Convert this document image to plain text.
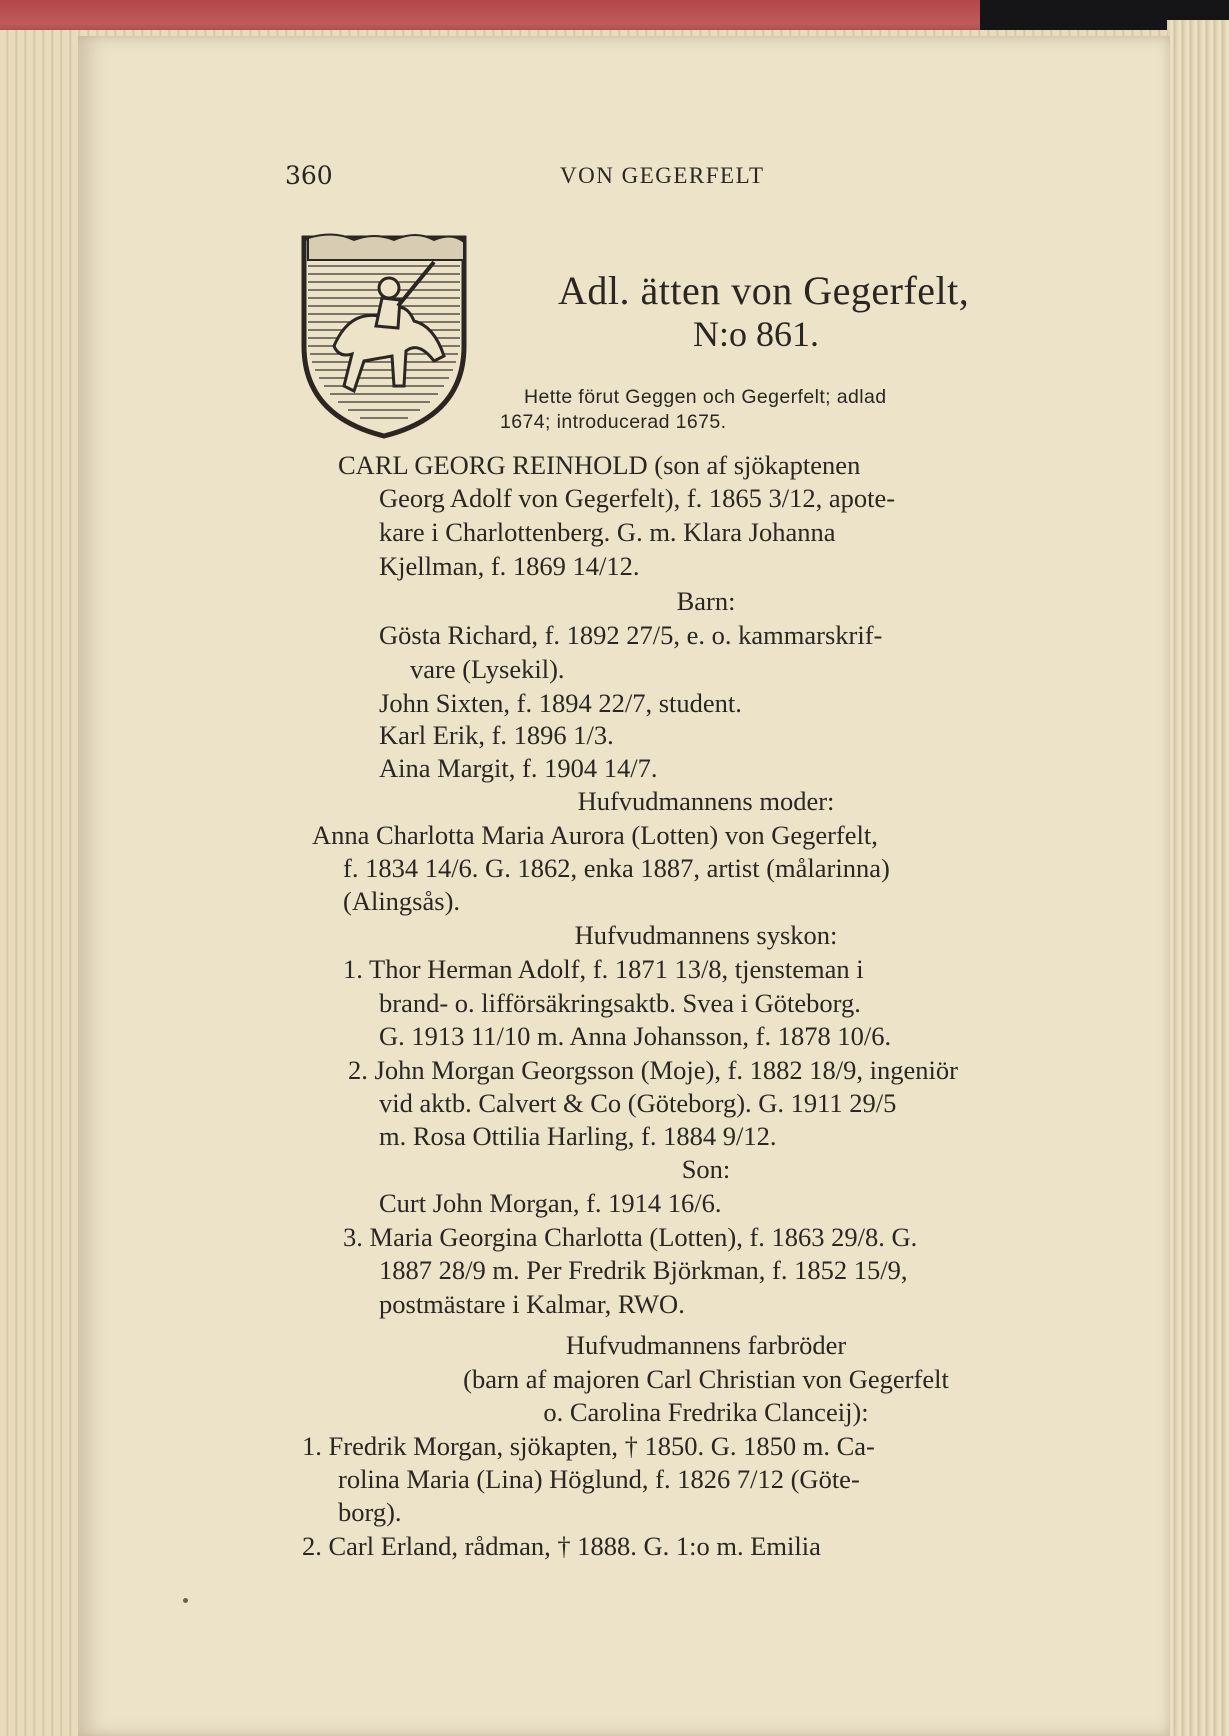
360	VON GEGERFELT
Adl. ätten von Gegerfelt,
N:o 861.
Hette förut Geggen och Gegerfelt; adlad
1674; introducerad 1675.
CARL GEORG REINHOLD (son af sjökaptenen
Georg Adolf von Gegerfelt), f. 1865 3/12, apote-
kare i Charlottenberg. G. m. Klara Johanna
Kjellman, f. 1869 14/12.
Barn:
Gösta Richard, f. 1892 27/5, e. o. kammarskrif-
vare (Lysekil).
John Sixten, f. 1894 22/7, student.
Karl Erik, f. 1896 1/3.
Aina Margit, f. 1904 14/7.
Hufvudmannens moder:
Anna Charlotta Maria Aurora (Lotten) von Gegerfelt,
f. 1834 14/6. G. 1862, enka 1887, artist (målarinna)
(Alingsås).
Hufvudmannens syskon:
1. Thor Herman Adolf, f. 1871 13/8, tjensteman i
brand- o. lifförsäkringsaktb. Svea i Göteborg.
G. 1913 11/10 m. Anna Johansson, f. 1878 10/6.
2. John Morgan Georgsson (Moje), f. 1882 18/9, ingeniör
vid aktb. Calvert & Co (Göteborg). G. 1911 29/5
m. Rosa Ottilia Harling, f. 1884 9/12.
Son:
Curt John Morgan, f. 1914 16/6.
3. Maria Georgina Charlotta (Lotten), f. 1863 29/8. G.
1887 28/9 m. Per Fredrik Björkman, f. 1852 15/9,
postmästare i Kalmar, RWO.
Hufvudmannens farbröder
(barn af majoren Carl Christian von Gegerfelt
o. Carolina Fredrika Clanceij):
1. Fredrik Morgan, sjökapten, † 1850. G. 1850 m. Ca-
rolina Maria (Lina) Höglund, f. 1826 7/12 (Göte-
borg).
2. Carl Erland, rådman, † 1888. G. 1:o m. Emilia
